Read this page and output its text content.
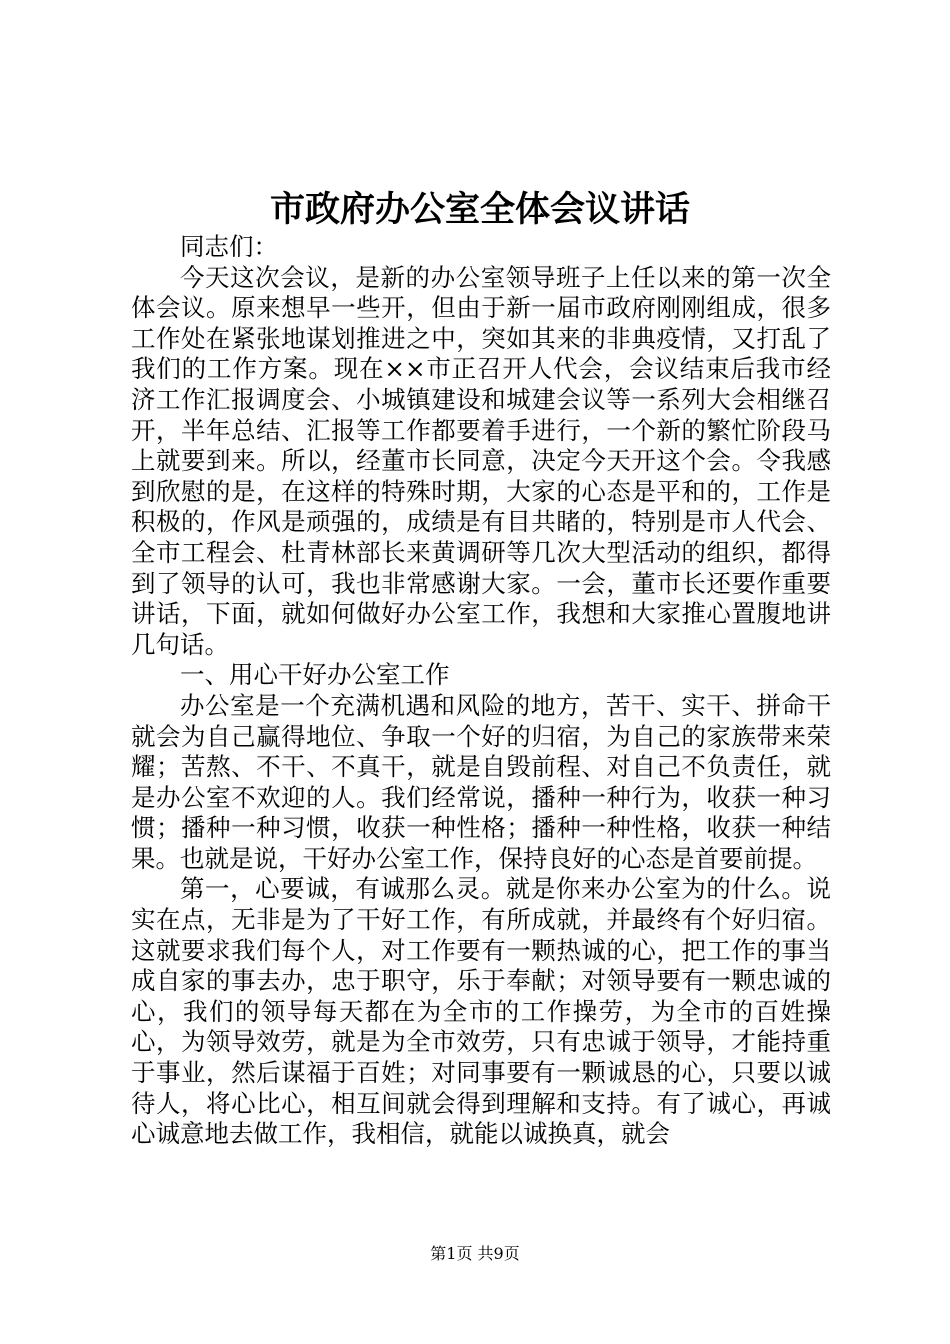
市政府办公室全体会议讲话

同志们：

今天这次会议，是新的办公室领导班子上任以来的第一次全体会议。原来想早一些开，但由于新一届市政府刚刚组成，很多工作处在紧张地谋划推进之中，突如其来的非典疫情，又打乱了我们的工作方案。现在××市正召开人代会，会议结束后我市经济工作汇报调度会、小城镇建设和城建会议等一系列大会相继召开，半年总结、汇报等工作都要着手进行，一个新的繁忙阶段马上就要到来。所以，经董市长同意，决定今天开这个会。令我感到欣慰的是，在这样的特殊时期，大家的心态是平和的，工作是积极的，作风是顽强的，成绩是有目共睹的，特别是市人代会、全市工程会、杜青林部长来黄调研等几次大型活动的组织，都得到了领导的认可，我也非常感谢大家。一会，董市长还要作重要讲话，下面，就如何做好办公室工作，我想和大家推心置腹地讲几句话。

一、用心干好办公室工作

办公室是一个充满机遇和风险的地方，苦干、实干、拼命干就会为自己赢得地位、争取一个好的归宿，为自己的家族带来荣耀；苦熬、不干、不真干，就是自毁前程、对自己不负责任，就是办公室不欢迎的人。我们经常说，播种一种行为，收获一种习惯；播种一种习惯，收获一种性格；播种一种性格，收获一种结果。也就是说，干好办公室工作，保持良好的心态是首要前提。

第一，心要诚，有诚那么灵。就是你来办公室为的什么。说实在点，无非是为了干好工作，有所成就，并最终有个好归宿。这就要求我们每个人，对工作要有一颗热诚的心，把工作的事当成自家的事去办，忠于职守，乐于奉献；对领导要有一颗忠诚的心，我们的领导每天都在为全市的工作操劳，为全市的百姓操心，为领导效劳，就是为全市效劳，只有忠诚于领导，才能持重于事业，然后谋福于百姓；对同事要有一颗诚恳的心，只要以诚待人，将心比心，相互间就会得到理解和支持。有了诚心，再诚心诚意地去做工作，我相信，就能以诚换真，就会

第1页 共9页
